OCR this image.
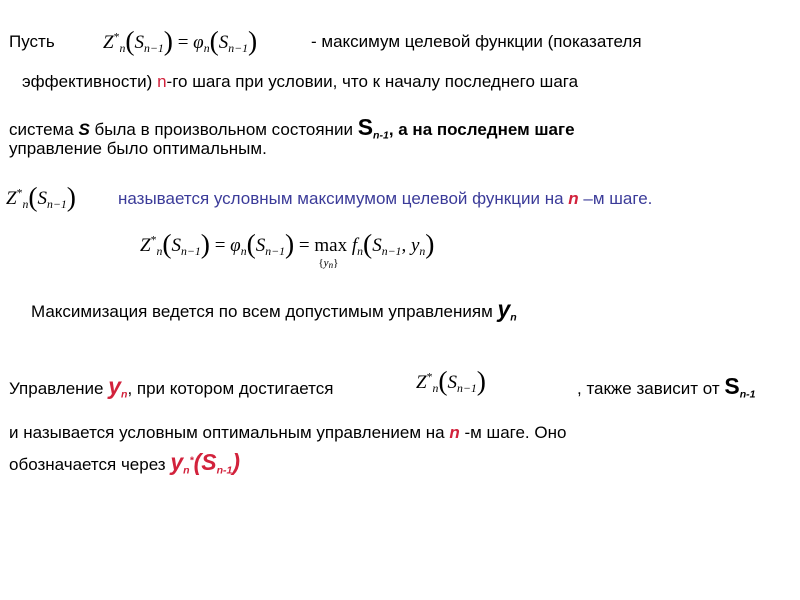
Пусть	$Z^*_n(S_{n-1}) = \varphi_n(S_{n-1})$	- максимум целевой функции (показателя
эффективности) n-го шага при условии, что к началу последнего шага
система S была в произвольном состоянии $S_{n-1}$, а на последнем шаге
управление было оптимальным.
$Z^*_n(S_{n-1})$ называется условным максимумом целевой функции на n –м шаге.
$Z^*_n(S_{n-1}) = \varphi_n(S_{n-1}) = \max$
{yn}
$f_n(S_{n-1}$, $y_n$)
Максимизация ведется по всем допустимым управлениям $y_n$
Управление $y_n$, при котором достигается	$Z^*_n(S_{n-1})$	, также зависит от $S_{n-1}$
и называется условным оптимальным управлением на n -м шаге. Оно
обозначается через $y_n^*(S_{n-1})$
